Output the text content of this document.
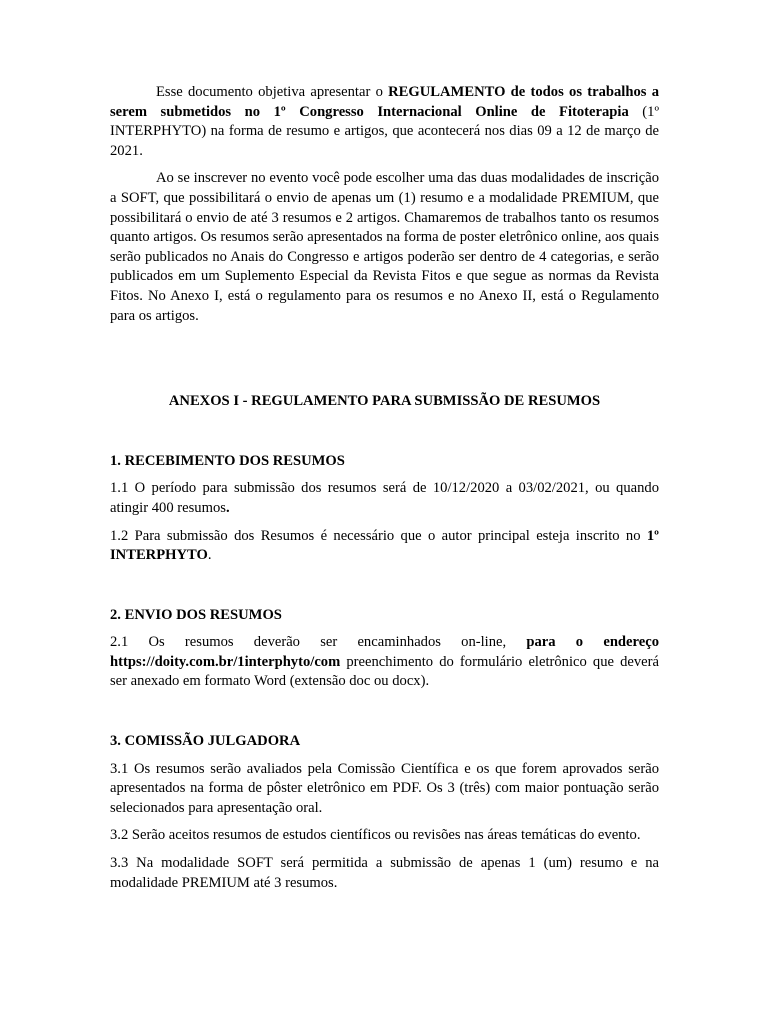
Esse documento objetiva apresentar o REGULAMENTO de todos os trabalhos a serem submetidos no 1º Congresso Internacional Online de Fitoterapia (1º INTERPHYTO) na forma de resumo e artigos, que acontecerá nos dias 09 a 12 de março de 2021.

Ao se inscrever no evento você pode escolher uma das duas modalidades de inscrição a SOFT, que possibilitará o envio de apenas um (1) resumo e a modalidade PREMIUM, que possibilitará o envio de até 3 resumos e 2 artigos. Chamaremos de trabalhos tanto os resumos quanto artigos. Os resumos serão apresentados na forma de poster eletrônico online, aos quais serão publicados no Anais do Congresso e artigos poderão ser dentro de 4 categorias, e serão publicados em um Suplemento Especial da Revista Fitos e que segue as normas da Revista Fitos. No Anexo I, está o regulamento para os resumos e no Anexo II, está o Regulamento para os artigos.

ANEXOS I - REGULAMENTO PARA SUBMISSÃO DE RESUMOS
1. RECEBIMENTO DOS RESUMOS

1.1 O período para submissão dos resumos será de 10/12/2020 a 03/02/2021, ou quando atingir 400 resumos.

1.2 Para submissão dos Resumos é necessário que o autor principal esteja inscrito no 1º INTERPHYTO.

2. ENVIO DOS RESUMOS

2.1 Os resumos deverão ser encaminhados on-line, para o endereço https://doity.com.br/1interphyto/com preenchimento do formulário eletrônico que deverá ser anexado em formato Word (extensão doc ou docx).

3. COMISSÃO JULGADORA

3.1 Os resumos serão avaliados pela Comissão Científica e os que forem aprovados serão apresentados na forma de pôster eletrônico em PDF. Os 3 (três) com maior pontuação serão selecionados para apresentação oral.

3.2 Serão aceitos resumos de estudos científicos ou revisões nas áreas temáticas do evento.

3.3 Na modalidade SOFT será permitida a submissão de apenas 1 (um) resumo e na modalidade PREMIUM até 3 resumos.
